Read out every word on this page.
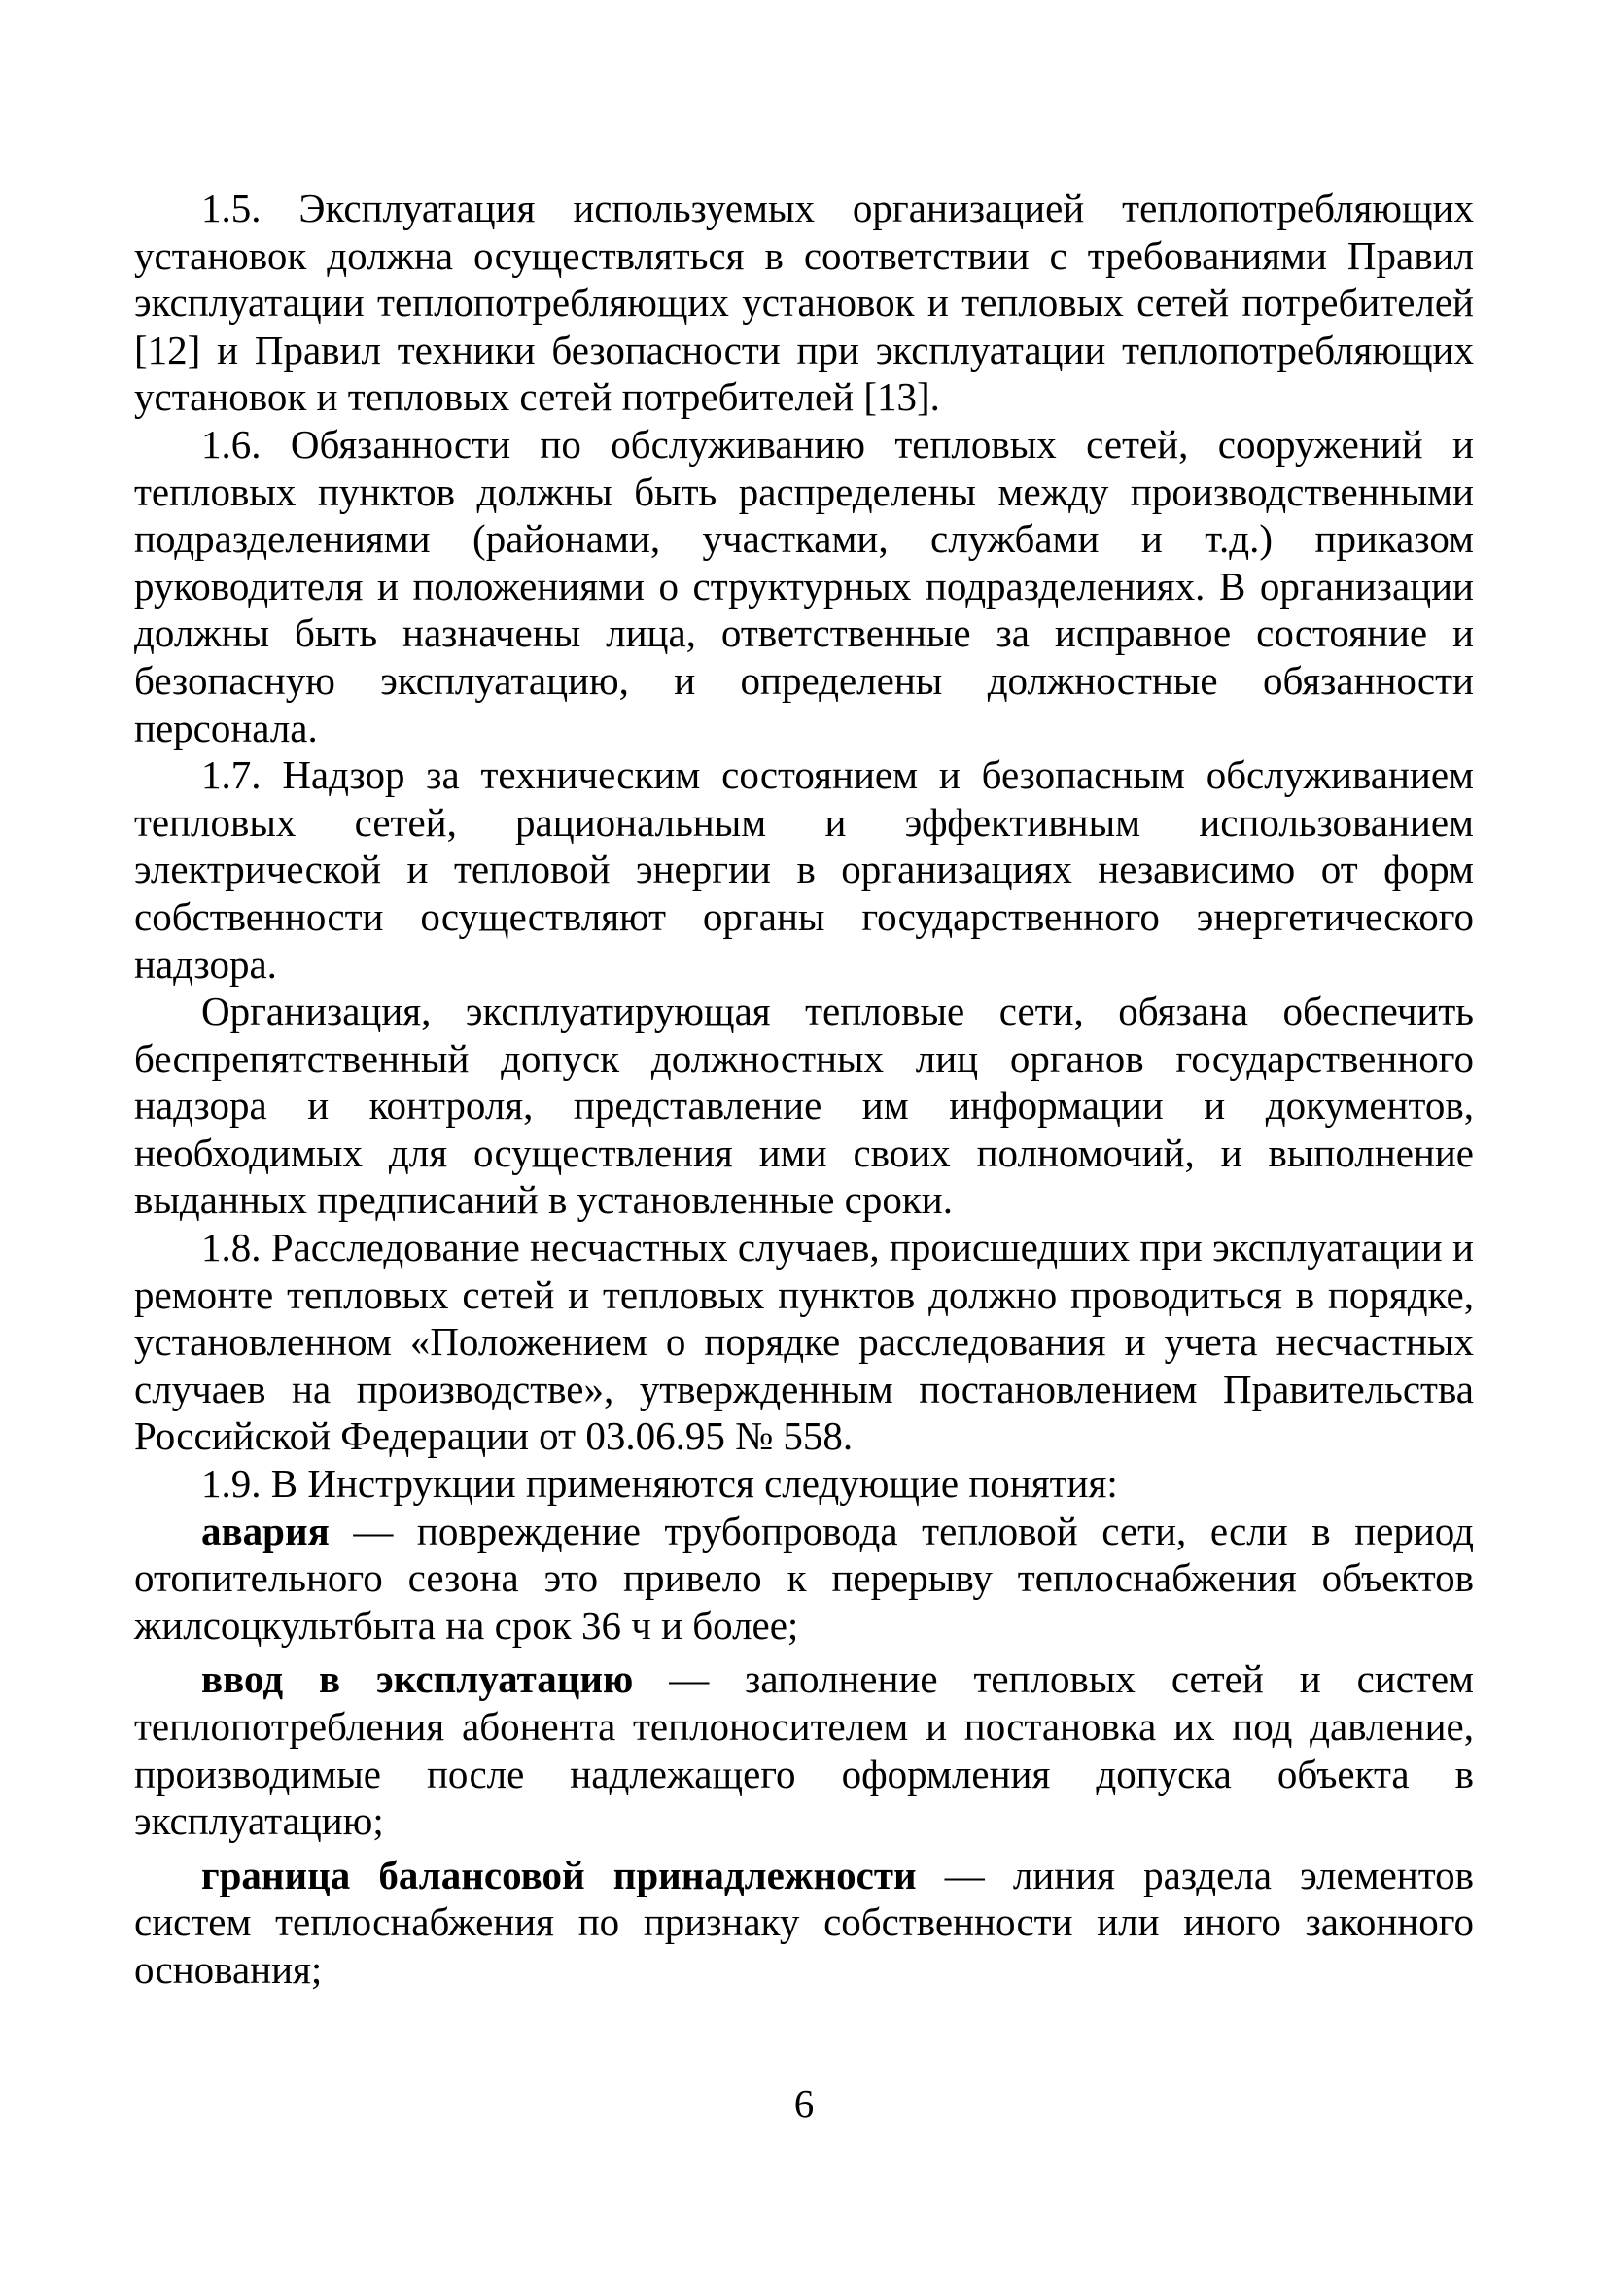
1.5. Эксплуатация используемых организацией теплопотребляющих установок должна осуществляться в соответствии с требованиями Правил эксплуатации теплопотребляющих установок и тепловых сетей потребителей [12] и Правил техники безопасности при эксплуатации теплопотребляющих установок и тепловых сетей потребителей [13].

1.6. Обязанности по обслуживанию тепловых сетей, сооружений и тепловых пунктов должны быть распределены между производственными подразделениями (районами, участками, службами и т.д.) приказом руководителя и положениями о структурных подразделениях. В организации должны быть назначены лица, ответственные за исправное состояние и безопасную эксплуатацию, и определены должностные обязанности персонала.

1.7. Надзор за техническим состоянием и безопасным обслуживанием тепловых сетей, рациональным и эффективным использованием электрической и тепловой энергии в организациях независимо от форм собственности осуществляют органы государственного энергетического надзора.

Организация, эксплуатирующая тепловые сети, обязана обеспечить беспрепятственный допуск должностных лиц органов государственного надзора и контроля, представление им информации и документов, необходимых для осуществления ими своих полномочий, и выполнение выданных предписаний в установленные сроки.

1.8. Расследование несчастных случаев, происшедших при эксплуатации и ремонте тепловых сетей и тепловых пунктов должно проводиться в порядке, установленном «Положением о порядке расследования и учета несчастных случаев на производстве», утвержденным постановлением Правительства Российской Федерации от 03.06.95 № 558.

1.9. В Инструкции применяются следующие понятия:

авария — повреждение трубопровода тепловой сети, если в период отопительного сезона это привело к перерыву теплоснабжения объектов жилсоцкультбыта на срок 36 ч и более;

ввод в эксплуатацию — заполнение тепловых сетей и систем теплопотребления абонента теплоносителем и постановка их под давление, производимые после надлежащего оформления допуска объекта в эксплуатацию;

граница балансовой принадлежности — линия раздела элементов систем теплоснабжения по признаку собственности или иного законного основания;

6
